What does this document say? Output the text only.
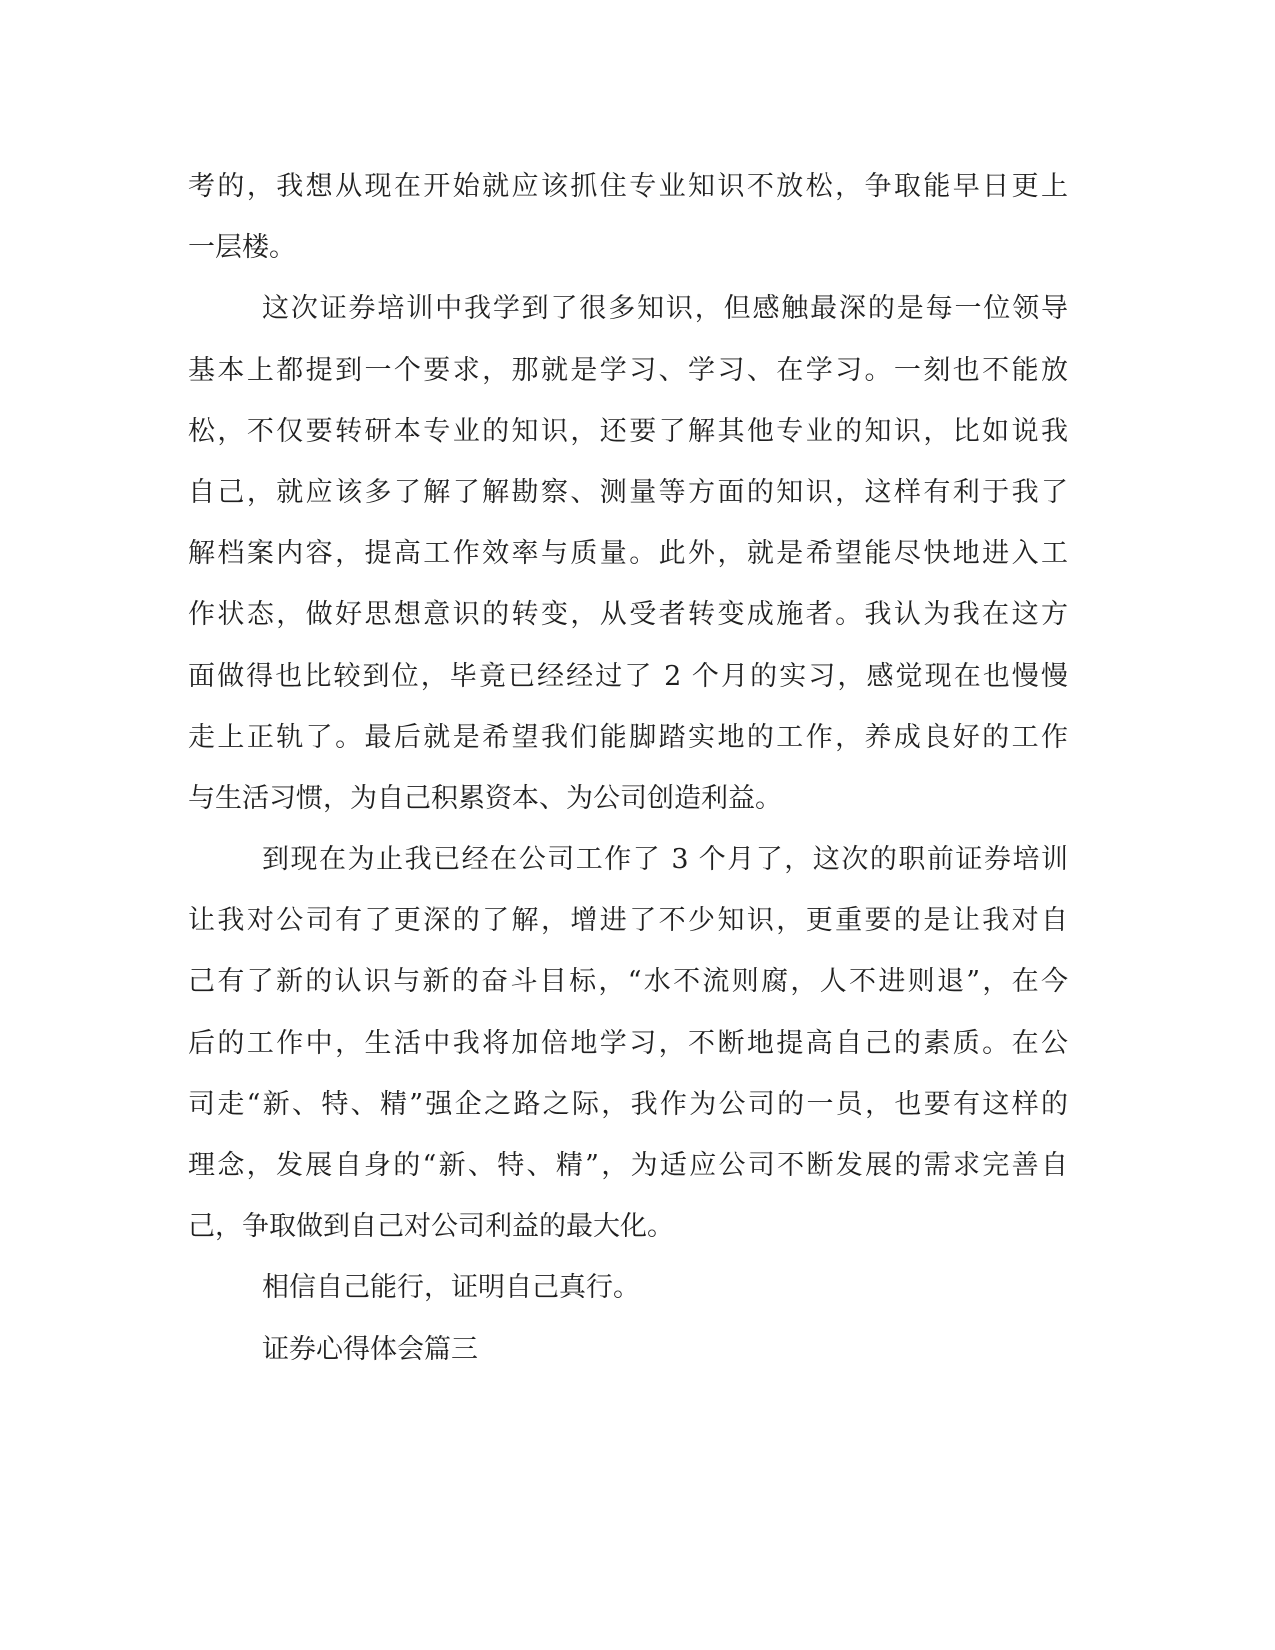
考的，我想从现在开始就应该抓住专业知识不放松，争取能早日更上
一层楼。
这次证券培训中我学到了很多知识，但感触最深的是每一位领导
基本上都提到一个要求，那就是学习、学习、在学习。一刻也不能放
松，不仅要转研本专业的知识，还要了解其他专业的知识，比如说我
自己，就应该多了解了解勘察、测量等方面的知识，这样有利于我了
解档案内容，提高工作效率与质量。此外，就是希望能尽快地进入工
作状态，做好思想意识的转变，从受者转变成施者。我认为我在这方
面做得也比较到位，毕竟已经经过了 2 个月的实习，感觉现在也慢慢
走上正轨了。最后就是希望我们能脚踏实地的工作，养成良好的工作
与生活习惯，为自己积累资本、为公司创造利益。
到现在为止我已经在公司工作了 3 个月了，这次的职前证券培训
让我对公司有了更深的了解，增进了不少知识，更重要的是让我对自
己有了新的认识与新的奋斗目标，“水不流则腐，人不进则退”，在今
后的工作中，生活中我将加倍地学习，不断地提高自己的素质。在公
司走“新、特、精”强企之路之际，我作为公司的一员，也要有这样的
理念，发展自身的“新、特、精”，为适应公司不断发展的需求完善自
己，争取做到自己对公司利益的最大化。
相信自己能行，证明自己真行。
证券心得体会篇三
